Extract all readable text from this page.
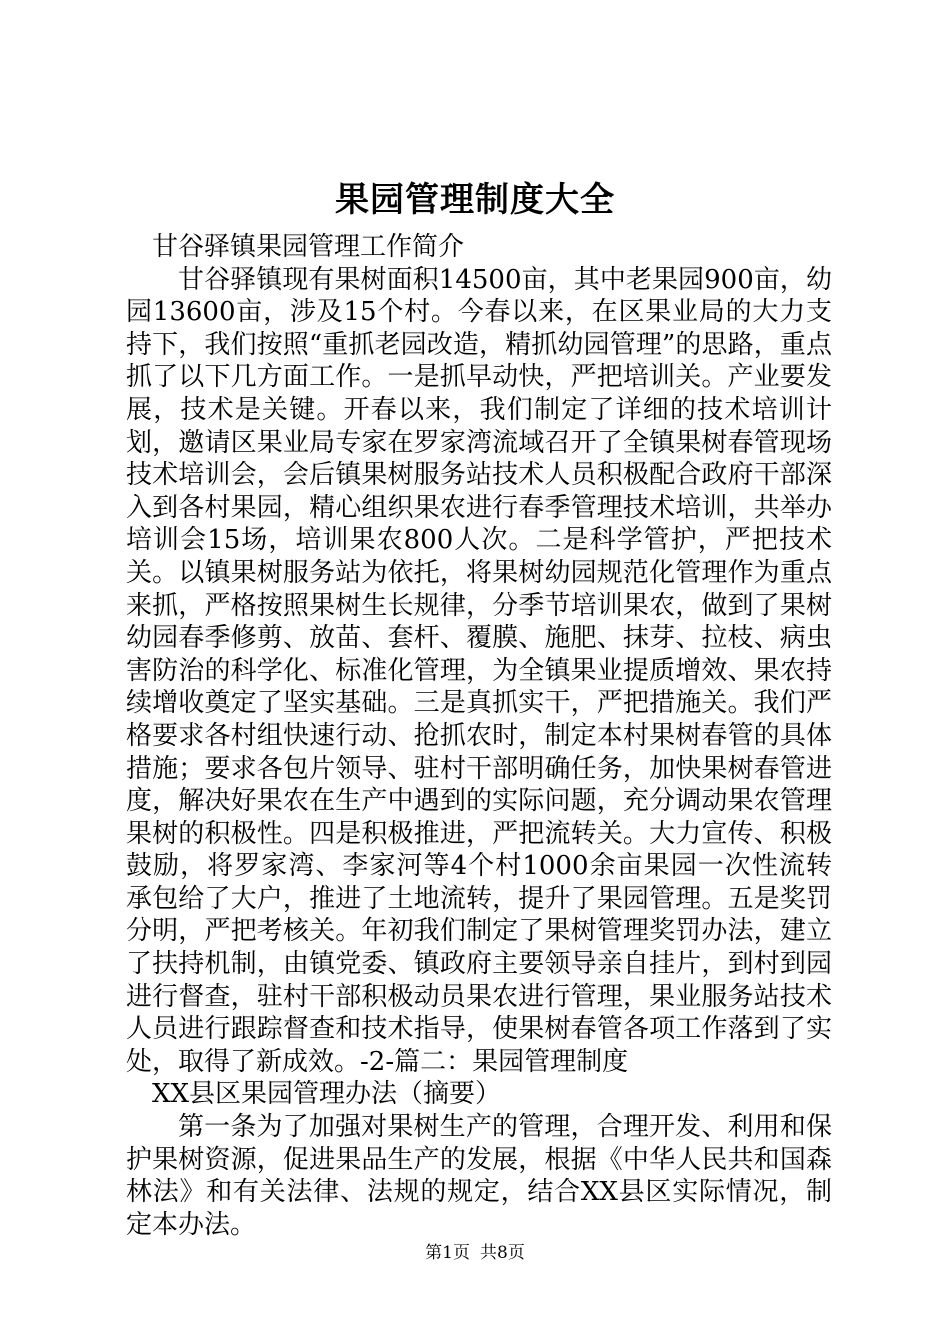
果园管理制度大全

甘谷驿镇果园管理工作简介

甘谷驿镇现有果树面积14500亩，其中老果园900亩，幼园13600亩，涉及15个村。今春以来，在区果业局的大力支持下，我们按照“重抓老园改造，精抓幼园管理”的思路，重点抓了以下几方面工作。一是抓早动快，严把培训关。产业要发展，技术是关键。开春以来，我们制定了详细的技术培训计划，邀请区果业局专家在罗家湾流域召开了全镇果树春管现场技术培训会，会后镇果树服务站技术人员积极配合政府干部深入到各村果园，精心组织果农进行春季管理技术培训，共举办培训会15场，培训果农800人次。二是科学管护，严把技术关。以镇果树服务站为依托，将果树幼园规范化管理作为重点来抓，严格按照果树生长规律，分季节培训果农，做到了果树幼园春季修剪、放苗、套杆、覆膜、施肥、抹芽、拉枝、病虫害防治的科学化、标准化管理，为全镇果业提质增效、果农持续增收奠定了坚实基础。三是真抓实干，严把措施关。我们严格要求各村组快速行动、抢抓农时，制定本村果树春管的具体措施；要求各包片领导、驻村干部明确任务，加快果树春管进度，解决好果农在生产中遇到的实际问题，充分调动果农管理果树的积极性。四是积极推进，严把流转关。大力宣传、积极鼓励，将罗家湾、李家河等4个村1000余亩果园一次性流转承包给了大户，推进了土地流转，提升了果园管理。五是奖罚分明，严把考核关。年初我们制定了果树管理奖罚办法，建立了扶持机制，由镇党委、镇政府主要领导亲自挂片，到村到园进行督查，驻村干部积极动员果农进行管理，果业服务站技术人员进行跟踪督查和技术指导，使果树春管各项工作落到了实处，取得了新成效。-2-篇二：果园管理制度

XX县区果园管理办法（摘要）

第一条为了加强对果树生产的管理，合理开发、利用和保护果树资源，促进果品生产的发展，根据《中华人民共和国森林法》和有关法律、法规的规定，结合XX县区实际情况，制定本办法。

第1页 共8页
